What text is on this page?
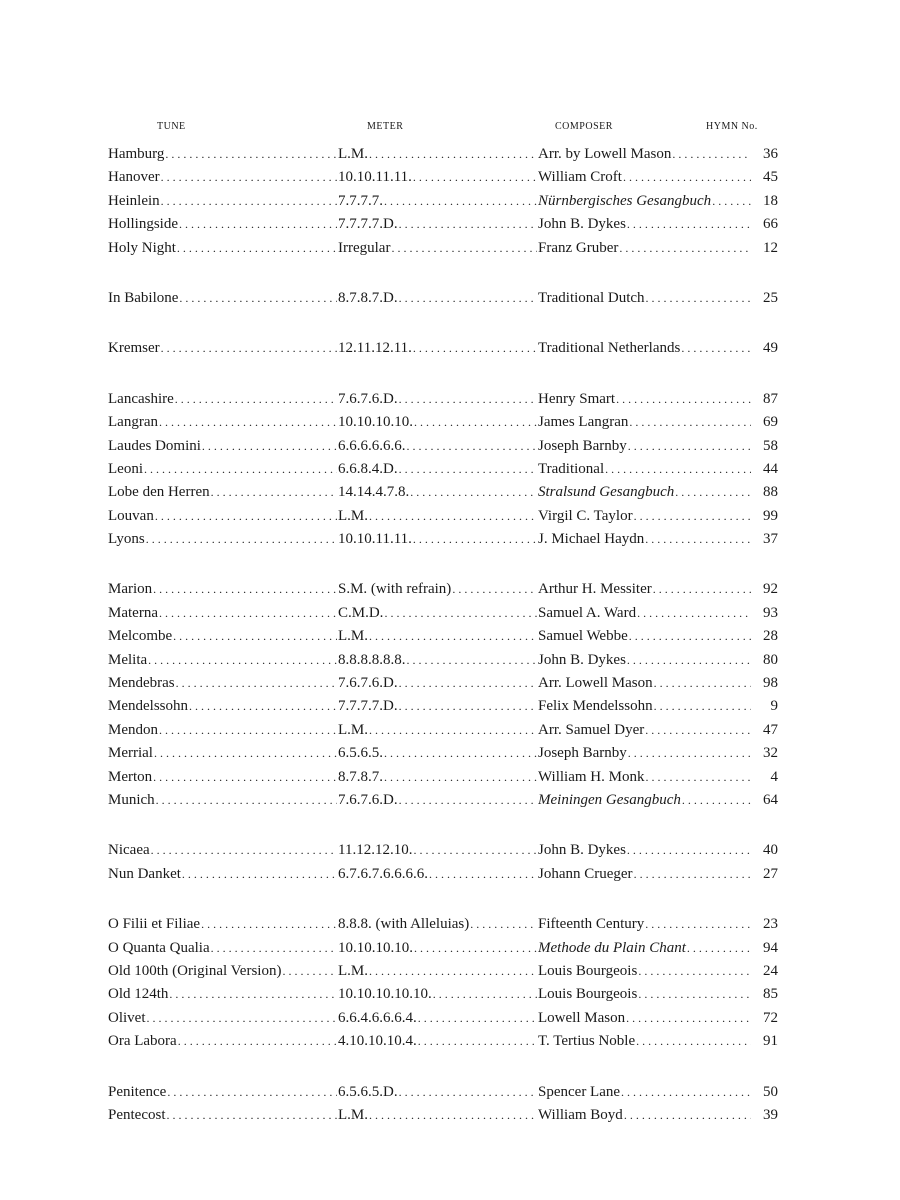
TUNE	METER	COMPOSER	HYMN No.
Hamburg . . .	L.M. . . .	Arr. by Lowell Mason . . .	36
Hanover . . .	10.10.11.11. . . .	William Croft . . .	45
Heinlein . . .	7.7.7.7. . . .	Nürnbergisches Gesangbuch . . .	18
Hollingside . . .	7.7.7.7.D. . . .	John B. Dykes . . .	66
Holy Night . . .	Irregular . . .	Franz Gruber . . .	12
In Babilone . . .	8.7.8.7.D. . . .	Traditional Dutch . . .	25
Kremser . . .	12.11.12.11. . . .	Traditional Netherlands . . .	49
Lancashire . . .	7.6.7.6.D. . . .	Henry Smart . . .	87
Langran . . .	10.10.10.10. . . .	James Langran . . .	69
Laudes Domini . . .	6.6.6.6.6.6. . . .	Joseph Barnby . . .	58
Leoni . . .	6.6.8.4.D. . . .	Traditional . . .	44
Lobe den Herren . . .	14.14.4.7.8. . . .	Stralsund Gesangbuch . . .	88
Louvan . . .	L.M. . . .	Virgil C. Taylor . . .	99
Lyons . . .	10.10.11.11. . . .	J. Michael Haydn . . .	37
Marion . . .	S.M. (with refrain) . . .	Arthur H. Messiter . . .	92
Materna . . .	C.M.D. . . .	Samuel A. Ward . . .	93
Melcombe . . .	L.M. . . .	Samuel Webbe . . .	28
Melita . . .	8.8.8.8.8.8. . . .	John B. Dykes . . .	80
Mendebras . . .	7.6.7.6.D. . . .	Arr. Lowell Mason . . .	98
Mendelssohn . . .	7.7.7.7.D. . . .	Felix Mendelssohn . . .	9
Mendon . . .	L.M. . . .	Arr. Samuel Dyer . . .	47
Merrial . . .	6.5.6.5. . . .	Joseph Barnby . . .	32
Merton . . .	8.7.8.7. . . .	William H. Monk . . .	4
Munich . . .	7.6.7.6.D. . . .	Meiningen Gesangbuch . . .	64
Nicaea . . .	11.12.12.10. . . .	John B. Dykes . . .	40
Nun Danket . . .	6.7.6.7.6.6.6.6. . . .	Johann Crueger . . .	27
O Filii et Filiae . . .	8.8.8. (with Alleluias) . . .	Fifteenth Century . . .	23
O Quanta Qualia . . .	10.10.10.10. . . .	Methode du Plain Chant . . .	94
Old 100th (Original Version) . . .	L.M. . . .	Louis Bourgeois . . .	24
Old 124th . . .	10.10.10.10.10. . . .	Louis Bourgeois . . .	85
Olivet . . .	6.6.4.6.6.6.4. . . .	Lowell Mason . . .	72
Ora Labora . . .	4.10.10.10.4. . . .	T. Tertius Noble . . .	91
Penitence . . .	6.5.6.5.D. . . .	Spencer Lane . . .	50
Pentecost . . .	L.M. . . .	William Boyd . . .	39
